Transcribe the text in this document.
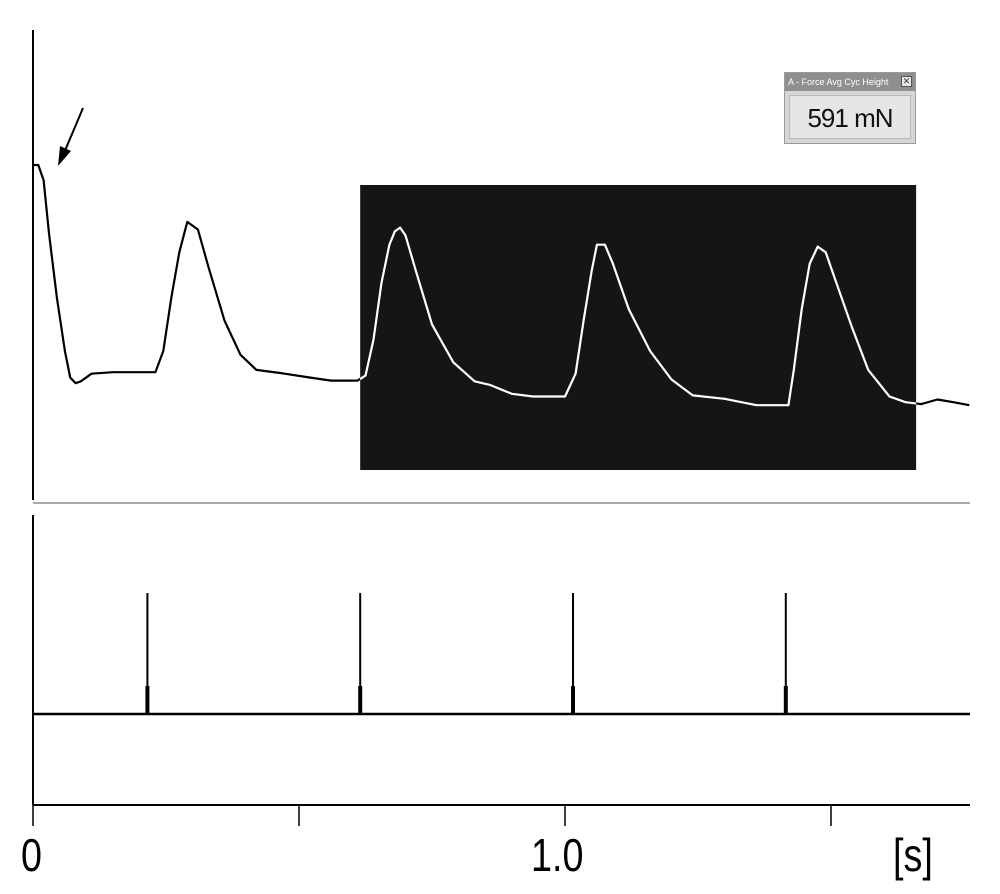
0	1.0	[s]
A - Force Avg Cyc Height	✕
591 mN
